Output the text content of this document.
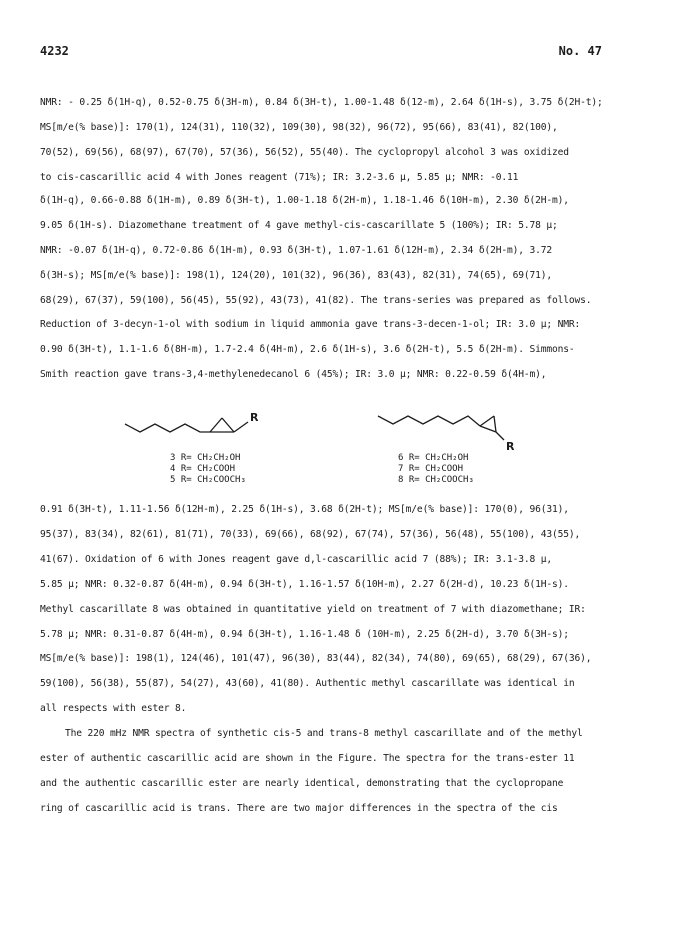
4232	No. 47
NMR: - 0.25 δ(1H-q), 0.52-0.75 δ(3H-m), 0.84 δ(3H-t), 1.00-1.48 δ(12-m), 2.64 δ(1H-s), 3.75 δ(2H-t);
MS[m/e(% base)]: 170(1), 124(31), 110(32), 109(30), 98(32), 96(72), 95(66), 83(41), 82(100),
70(52), 69(56), 68(97), 67(70), 57(36), 56(52), 55(40). The cyclopropyl alcohol 3 was oxidized
to cis-cascarillic acid 4 with Jones reagent (71%); IR: 3.2-3.6 μ, 5.85 μ; NMR: -0.11
δ(1H-q), 0.66-0.88 δ(1H-m), 0.89 δ(3H-t), 1.00-1.18 δ(2H-m), 1.18-1.46 δ(10H-m), 2.30 δ(2H-m),
9.05 δ(1H-s). Diazomethane treatment of 4 gave methyl-cis-cascarillate 5 (100%); IR: 5.78 μ;
NMR: -0.07 δ(1H-q), 0.72-0.86 δ(1H-m), 0.93 δ(3H-t), 1.07-1.61 δ(12H-m), 2.34 δ(2H-m), 3.72
δ(3H-s); MS[m/e(% base)]: 198(1), 124(20), 101(32), 96(36), 83(43), 82(31), 74(65), 69(71),
68(29), 67(37), 59(100), 56(45), 55(92), 43(73), 41(82). The trans-series was prepared as follows.
Reduction of 3-decyn-1-ol with sodium in liquid ammonia gave trans-3-decen-1-ol; IR: 3.0 μ; NMR:
0.90 δ(3H-t), 1.1-1.6 δ(8H-m), 1.7-2.4 δ(4H-m), 2.6 δ(1H-s), 3.6 δ(2H-t), 5.5 δ(2H-m). Simmons-
Smith reaction gave trans-3,4-methylenedecanol 6 (45%); IR: 3.0 μ; NMR: 0.22-0.59 δ(4H-m),
R
R
3 R= CH₂CH₂OH
4 R= CH₂COOH
5 R= CH₂COOCH₃
6 R= CH₂CH₂OH
7 R= CH₂COOH
8 R= CH₂COOCH₃
0.91 δ(3H-t), 1.11-1.56 δ(12H-m), 2.25 δ(1H-s), 3.68 δ(2H-t); MS[m/e(% base)]: 170(0), 96(31),
95(37), 83(34), 82(61), 81(71), 70(33), 69(66), 68(92), 67(74), 57(36), 56(48), 55(100), 43(55),
41(67). Oxidation of 6 with Jones reagent gave d,l-cascarillic acid 7 (88%); IR: 3.1-3.8 μ,
5.85 μ; NMR: 0.32-0.87 δ(4H-m), 0.94 δ(3H-t), 1.16-1.57 δ(10H-m), 2.27 δ(2H-d), 10.23 δ(1H-s).
Methyl cascarillate 8 was obtained in quantitative yield on treatment of 7 with diazomethane; IR:
5.78 μ; NMR: 0.31-0.87 δ(4H-m), 0.94 δ(3H-t), 1.16-1.48 δ (10H-m), 2.25 δ(2H-d), 3.70 δ(3H-s);
MS[m/e(% base)]: 198(1), 124(46), 101(47), 96(30), 83(44), 82(34), 74(80), 69(65), 68(29), 67(36),
59(100), 56(38), 55(87), 54(27), 43(60), 41(80). Authentic methyl cascarillate was identical in
all respects with ester 8.
The 220 mHz NMR spectra of synthetic cis-5 and trans-8 methyl cascarillate and of the methyl
ester of authentic cascarillic acid are shown in the Figure. The spectra for the trans-ester 11
and the authentic cascarillic ester are nearly identical, demonstrating that the cyclopropane
ring of cascarillic acid is trans. There are two major differences in the spectra of the cis
